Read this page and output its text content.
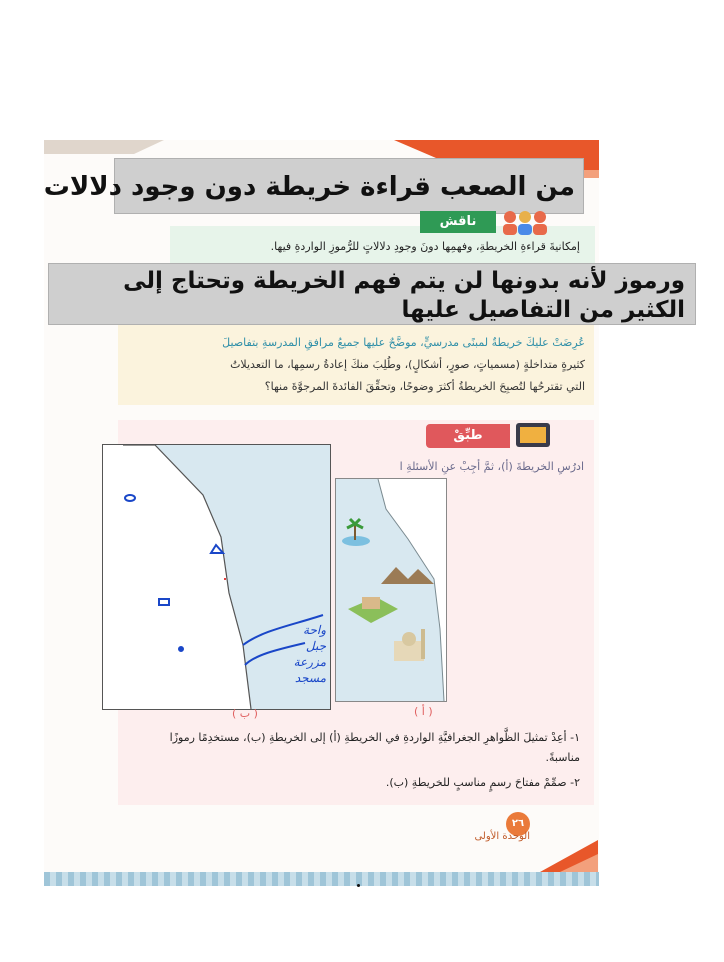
من الصعب قراءة خريطة دون وجود دلالات
ناقش
إمكانيةَ قراءةِ الخريطةِ، وفهمِها دونَ وجودِ دلالاتٍ للرُّموزِ الواردةِ فيها.
ورموز لأنه بدونها لن يتم فهم الخريطة وتحتاج إلى الكثير من التفاصيل عليها
عُرِضَتْ عليكَ خريطةٌ لمبنًى مدرسيٍّ، موضَّحٌ عليها جميعُ مرافقِ المدرسةِ بتفاصيلَ
كثيرةٍ متداخلةٍ (مسمياتٍ، صورٍ، أشكالٍ)، وطُلِبَ منكَ إعادةُ رسمِها، ما التعديلاتُ
التي تقترحُها لتُصبِحَ الخريطةُ أكثرَ وضوحًا، وتحقِّقَ الفائدةَ المرجوَّةَ منها؟
طبِّقْ
ادرُسِ الخريطةَ (أ)، ثمَّ أجِبْ عنِ الأسئلةِ ا
واحة
جبل
مزرعة
مسجد
( أ )
( ب )
١- أعِدْ تمثيلَ الظَّواهرِ الجغرافيَّةِ الواردةِ في الخريطةِ (أ) إلى الخريطةِ (ب)، مستخدِمًا رموزًا مناسبةً.
٢- صمِّمْ مفتاحَ رسمٍ مناسبٍ للخريطةِ (ب).
٢٦
الوحدة الأولى
